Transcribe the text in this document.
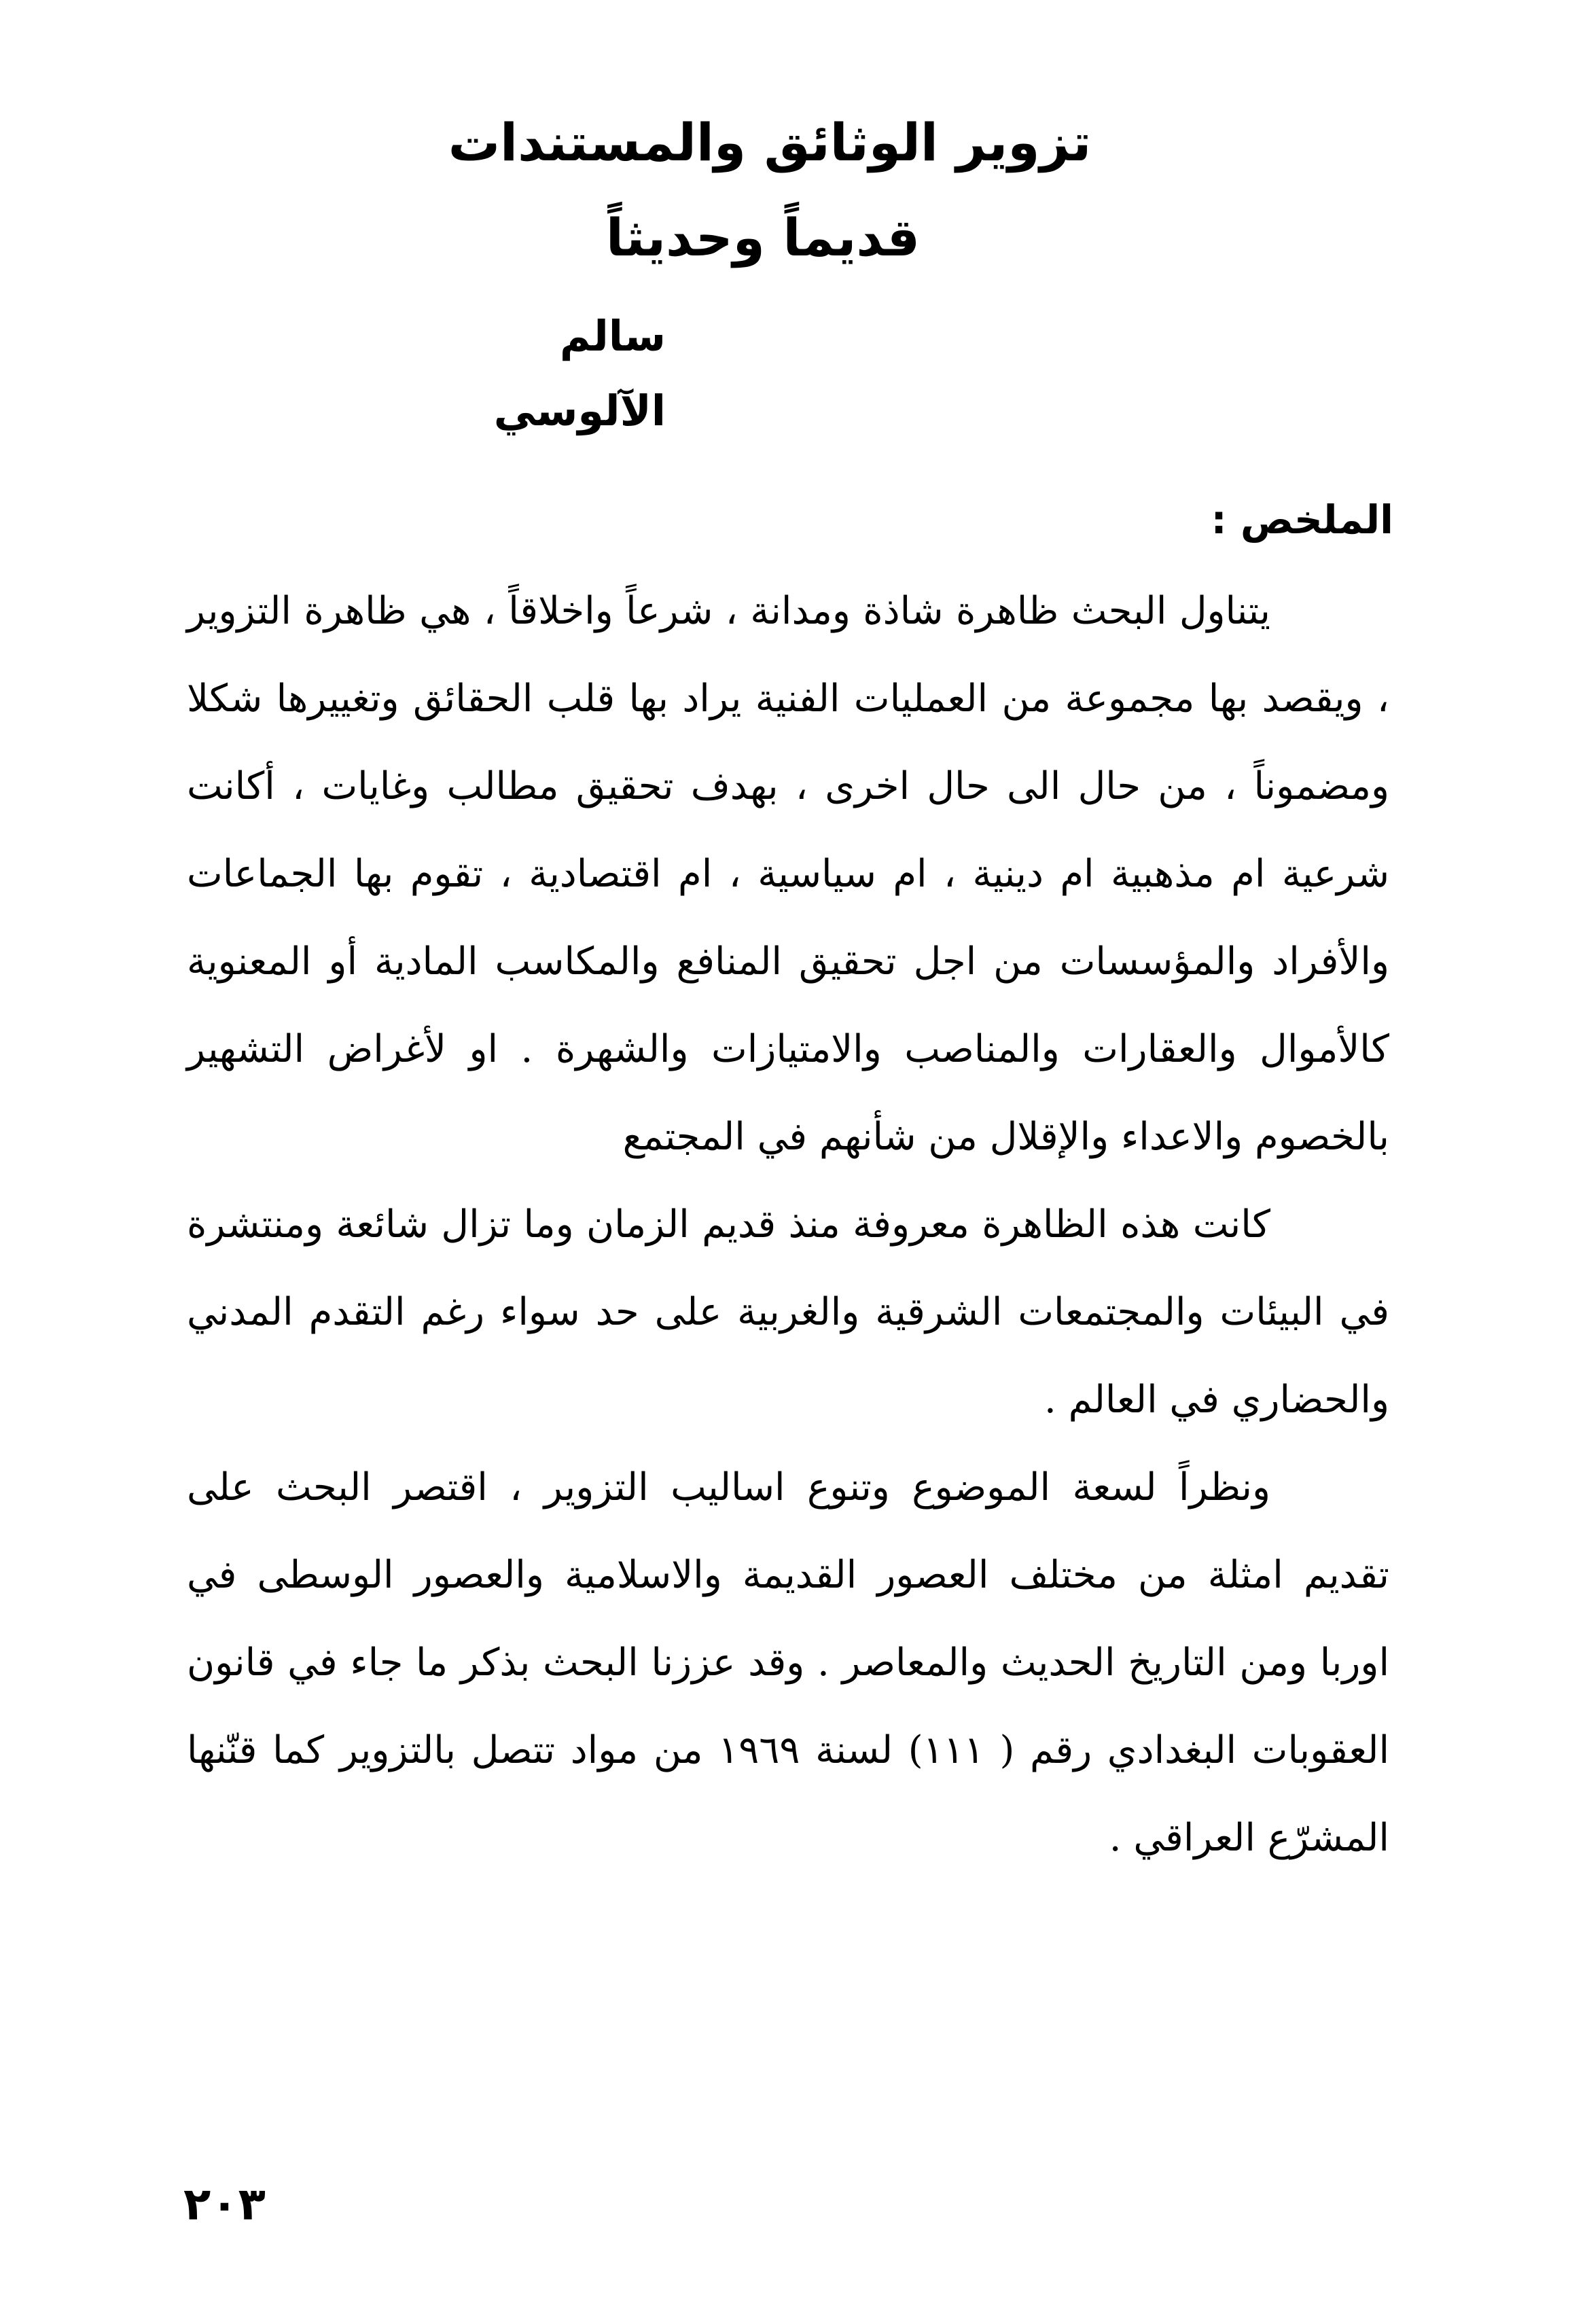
تزوير الوثائق والمستندات
قديماً وحديثاً
سالم الآلوسي
الملخص :

يتناول البحث ظاهرة شاذة ومدانة ، شرعاً واخلاقاً ، هي ظاهرة التزوير ، ويقصد بها مجموعة من العمليات الفنية يراد بها قلب الحقائق وتغييرها شكلا ومضموناً ، من حال الى حال اخرى ، بهدف تحقيق مطالب وغايات ، أكانت شرعية ام مذهبية ام دينية ، ام سياسية ، ام اقتصادية ، تقوم بها الجماعات والأفراد والمؤسسات من اجل تحقيق المنافع والمكاسب المادية أو المعنوية كالأموال والعقارات والمناصب والامتيازات والشهرة . او لأغراض التشهير بالخصوم والاعداء والإقلال من شأنهم في المجتمع

كانت هذه الظاهرة معروفة منذ قديم الزمان وما تزال شائعة ومنتشرة في البيئات والمجتمعات الشرقية والغربية على حد سواء رغم التقدم المدني والحضاري في العالم .

ونظراً لسعة الموضوع وتنوع اساليب التزوير ، اقتصر البحث على تقديم امثلة من مختلف العصور القديمة والاسلامية والعصور الوسطى في اوربا ومن التاريخ الحديث والمعاصر . وقد عززنا البحث بذكر ما جاء في قانون العقوبات البغدادي رقم ( ١١١) لسنة ١٩٦٩ من مواد تتصل بالتزوير كما قنّنها المشرّع العراقي .

٢٠٣
